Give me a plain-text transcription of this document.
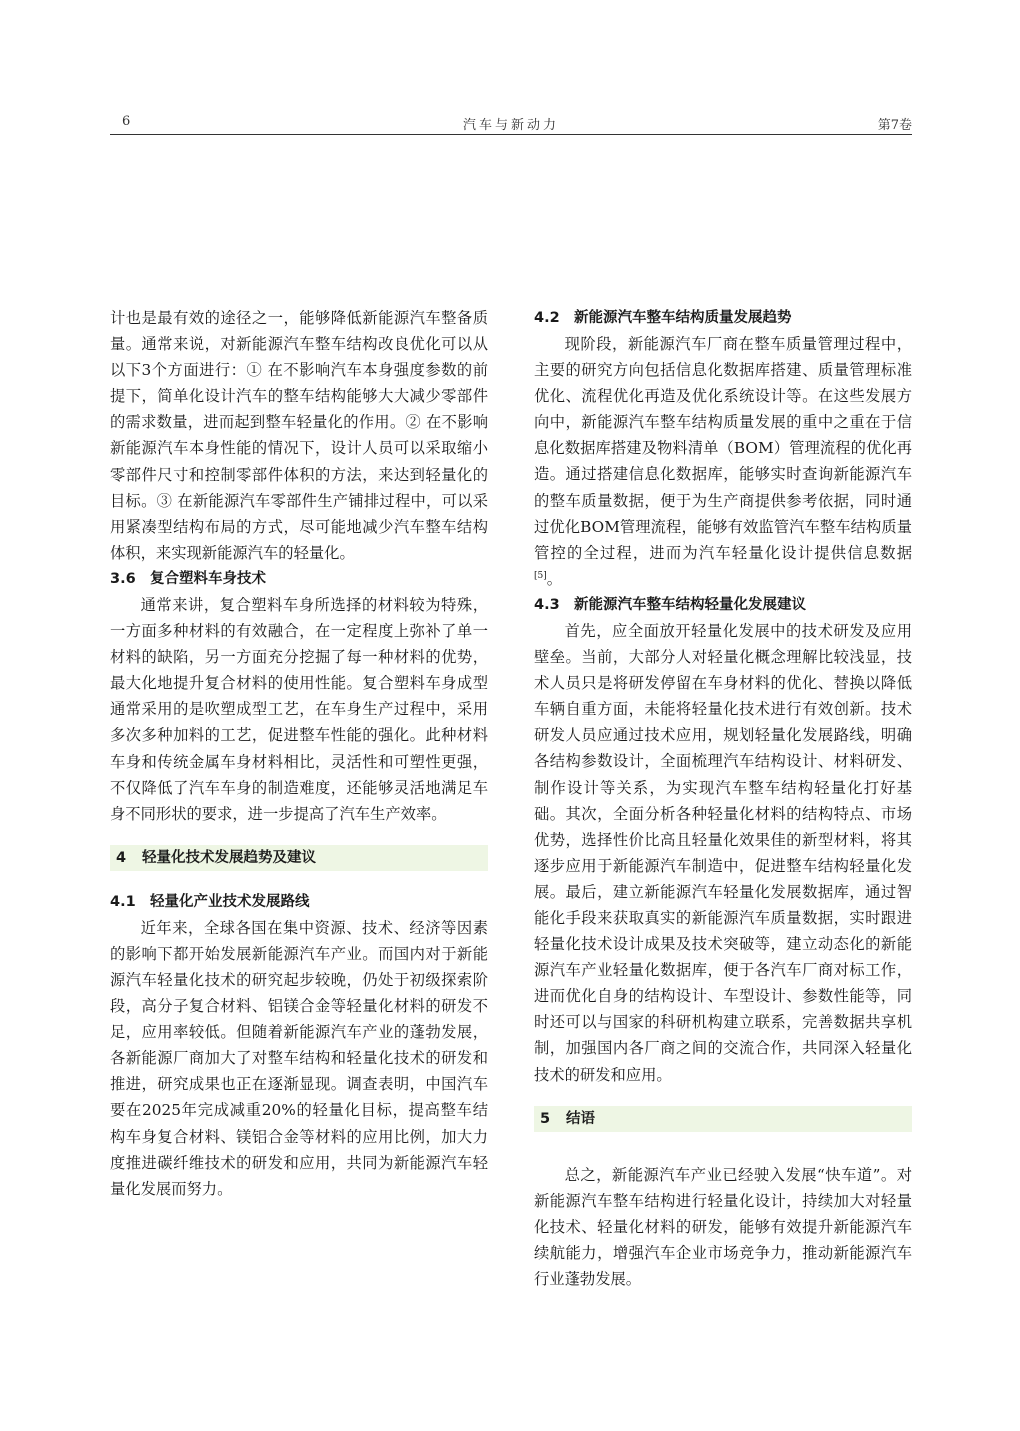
6	汽车与新动力	第7卷

计也是最有效的途径之一，能够降低新能源汽车整备质量。通常来说，对新能源汽车整车结构改良优化可以从以下3个方面进行：① 在不影响汽车本身强度参数的前提下，简单化设计汽车的整车结构能够大大减少零部件的需求数量，进而起到整车轻量化的作用。② 在不影响新能源汽车本身性能的情况下，设计人员可以采取缩小零部件尺寸和控制零部件体积的方法，来达到轻量化的目标。③ 在新能源汽车零部件生产铺排过程中，可以采用紧凑型结构布局的方式，尽可能地减少汽车整车结构体积，来实现新能源汽车的轻量化。

3.6 复合塑料车身技术

通常来讲，复合塑料车身所选择的材料较为特殊，一方面多种材料的有效融合，在一定程度上弥补了单一材料的缺陷，另一方面充分挖掘了每一种材料的优势，最大化地提升复合材料的使用性能。复合塑料车身成型通常采用的是吹塑成型工艺，在车身生产过程中，采用多次多种加料的工艺，促进整车性能的强化。此种材料车身和传统金属车身材料相比，灵活性和可塑性更强，不仅降低了汽车车身的制造难度，还能够灵活地满足车身不同形状的要求，进一步提高了汽车生产效率。

4 轻量化技术发展趋势及建议

4.1 轻量化产业技术发展路线

近年来，全球各国在集中资源、技术、经济等因素的影响下都开始发展新能源汽车产业。而国内对于新能源汽车轻量化技术的研究起步较晚，仍处于初级探索阶段，高分子复合材料、铝镁合金等轻量化材料的研发不足，应用率较低。但随着新能源汽车产业的蓬勃发展，各新能源厂商加大了对整车结构和轻量化技术的研发和推进，研究成果也正在逐渐显现。调查表明，中国汽车要在2025年完成减重20%的轻量化目标，提高整车结构车身复合材料、镁铝合金等材料的应用比例，加大力度推进碳纤维技术的研发和应用，共同为新能源汽车轻量化发展而努力。

4.2 新能源汽车整车结构质量发展趋势

现阶段，新能源汽车厂商在整车质量管理过程中，主要的研究方向包括信息化数据库搭建、质量管理标准优化、流程优化再造及优化系统设计等。在这些发展方向中，新能源汽车整车结构质量发展的重中之重在于信息化数据库搭建及物料清单（BOM）管理流程的优化再造。通过搭建信息化数据库，能够实时查询新能源汽车的整车质量数据，便于为生产商提供参考依据，同时通过优化BOM管理流程，能够有效监管汽车整车结构质量管控的全过程，进而为汽车轻量化设计提供信息数据[5]。

4.3 新能源汽车整车结构轻量化发展建议

首先，应全面放开轻量化发展中的技术研发及应用壁垒。当前，大部分人对轻量化概念理解比较浅显，技术人员只是将研发停留在车身材料的优化、替换以降低车辆自重方面，未能将轻量化技术进行有效创新。技术研发人员应通过技术应用，规划轻量化发展路线，明确各结构参数设计，全面梳理汽车结构设计、材料研发、制作设计等关系，为实现汽车整车结构轻量化打好基础。其次，全面分析各种轻量化材料的结构特点、市场优势，选择性价比高且轻量化效果佳的新型材料，将其逐步应用于新能源汽车制造中，促进整车结构轻量化发展。最后，建立新能源汽车轻量化发展数据库，通过智能化手段来获取真实的新能源汽车质量数据，实时跟进轻量化技术设计成果及技术突破等，建立动态化的新能源汽车产业轻量化数据库，便于各汽车厂商对标工作，进而优化自身的结构设计、车型设计、参数性能等，同时还可以与国家的科研机构建立联系，完善数据共享机制，加强国内各厂商之间的交流合作，共同深入轻量化技术的研发和应用。

5 结语

总之，新能源汽车产业已经驶入发展“快车道”。对新能源汽车整车结构进行轻量化设计，持续加大对轻量化技术、轻量化材料的研发，能够有效提升新能源汽车续航能力，增强汽车企业市场竞争力，推动新能源汽车行业蓬勃发展。
